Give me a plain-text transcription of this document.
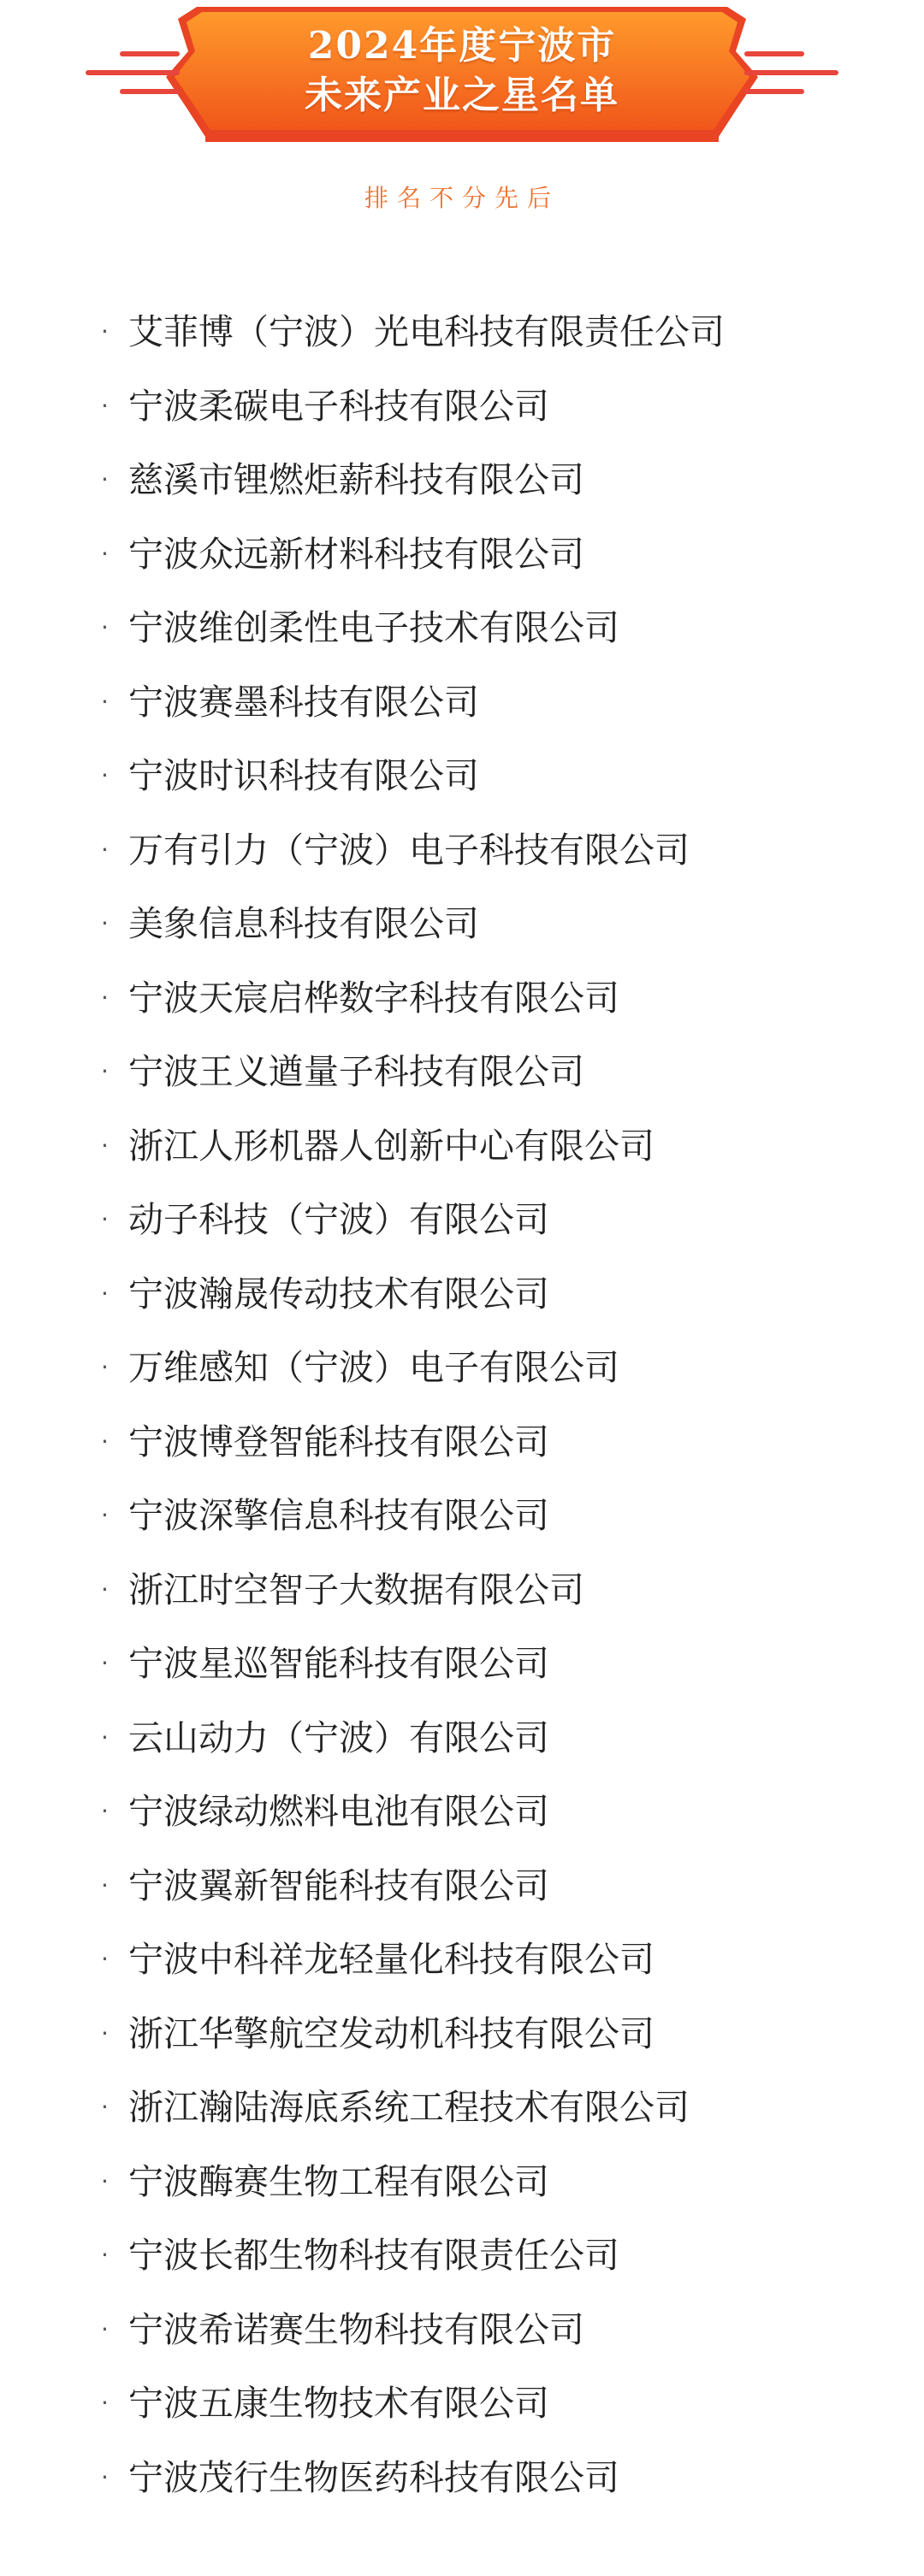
2024年度宁波市
未来产业之星名单
排名不分先后
· 艾菲博（宁波）光电科技有限责任公司
· 宁波柔碳电子科技有限公司
· 慈溪市锂燃炬薪科技有限公司
· 宁波众远新材料科技有限公司
· 宁波维创柔性电子技术有限公司
· 宁波赛墨科技有限公司
· 宁波时识科技有限公司
· 万有引力（宁波）电子科技有限公司
· 美象信息科技有限公司
· 宁波天宸启桦数字科技有限公司
· 宁波王义遒量子科技有限公司
· 浙江人形机器人创新中心有限公司
· 动子科技（宁波）有限公司
· 宁波瀚晟传动技术有限公司
· 万维感知（宁波）电子有限公司
· 宁波博登智能科技有限公司
· 宁波深擎信息科技有限公司
· 浙江时空智子大数据有限公司
· 宁波星巡智能科技有限公司
· 云山动力（宁波）有限公司
· 宁波绿动燃料电池有限公司
· 宁波翼新智能科技有限公司
· 宁波中科祥龙轻量化科技有限公司
· 浙江华擎航空发动机科技有限公司
· 浙江瀚陆海底系统工程技术有限公司
· 宁波酶赛生物工程有限公司
· 宁波长都生物科技有限责任公司
· 宁波希诺赛生物科技有限公司
· 宁波五康生物技术有限公司
· 宁波茂行生物医药科技有限公司
